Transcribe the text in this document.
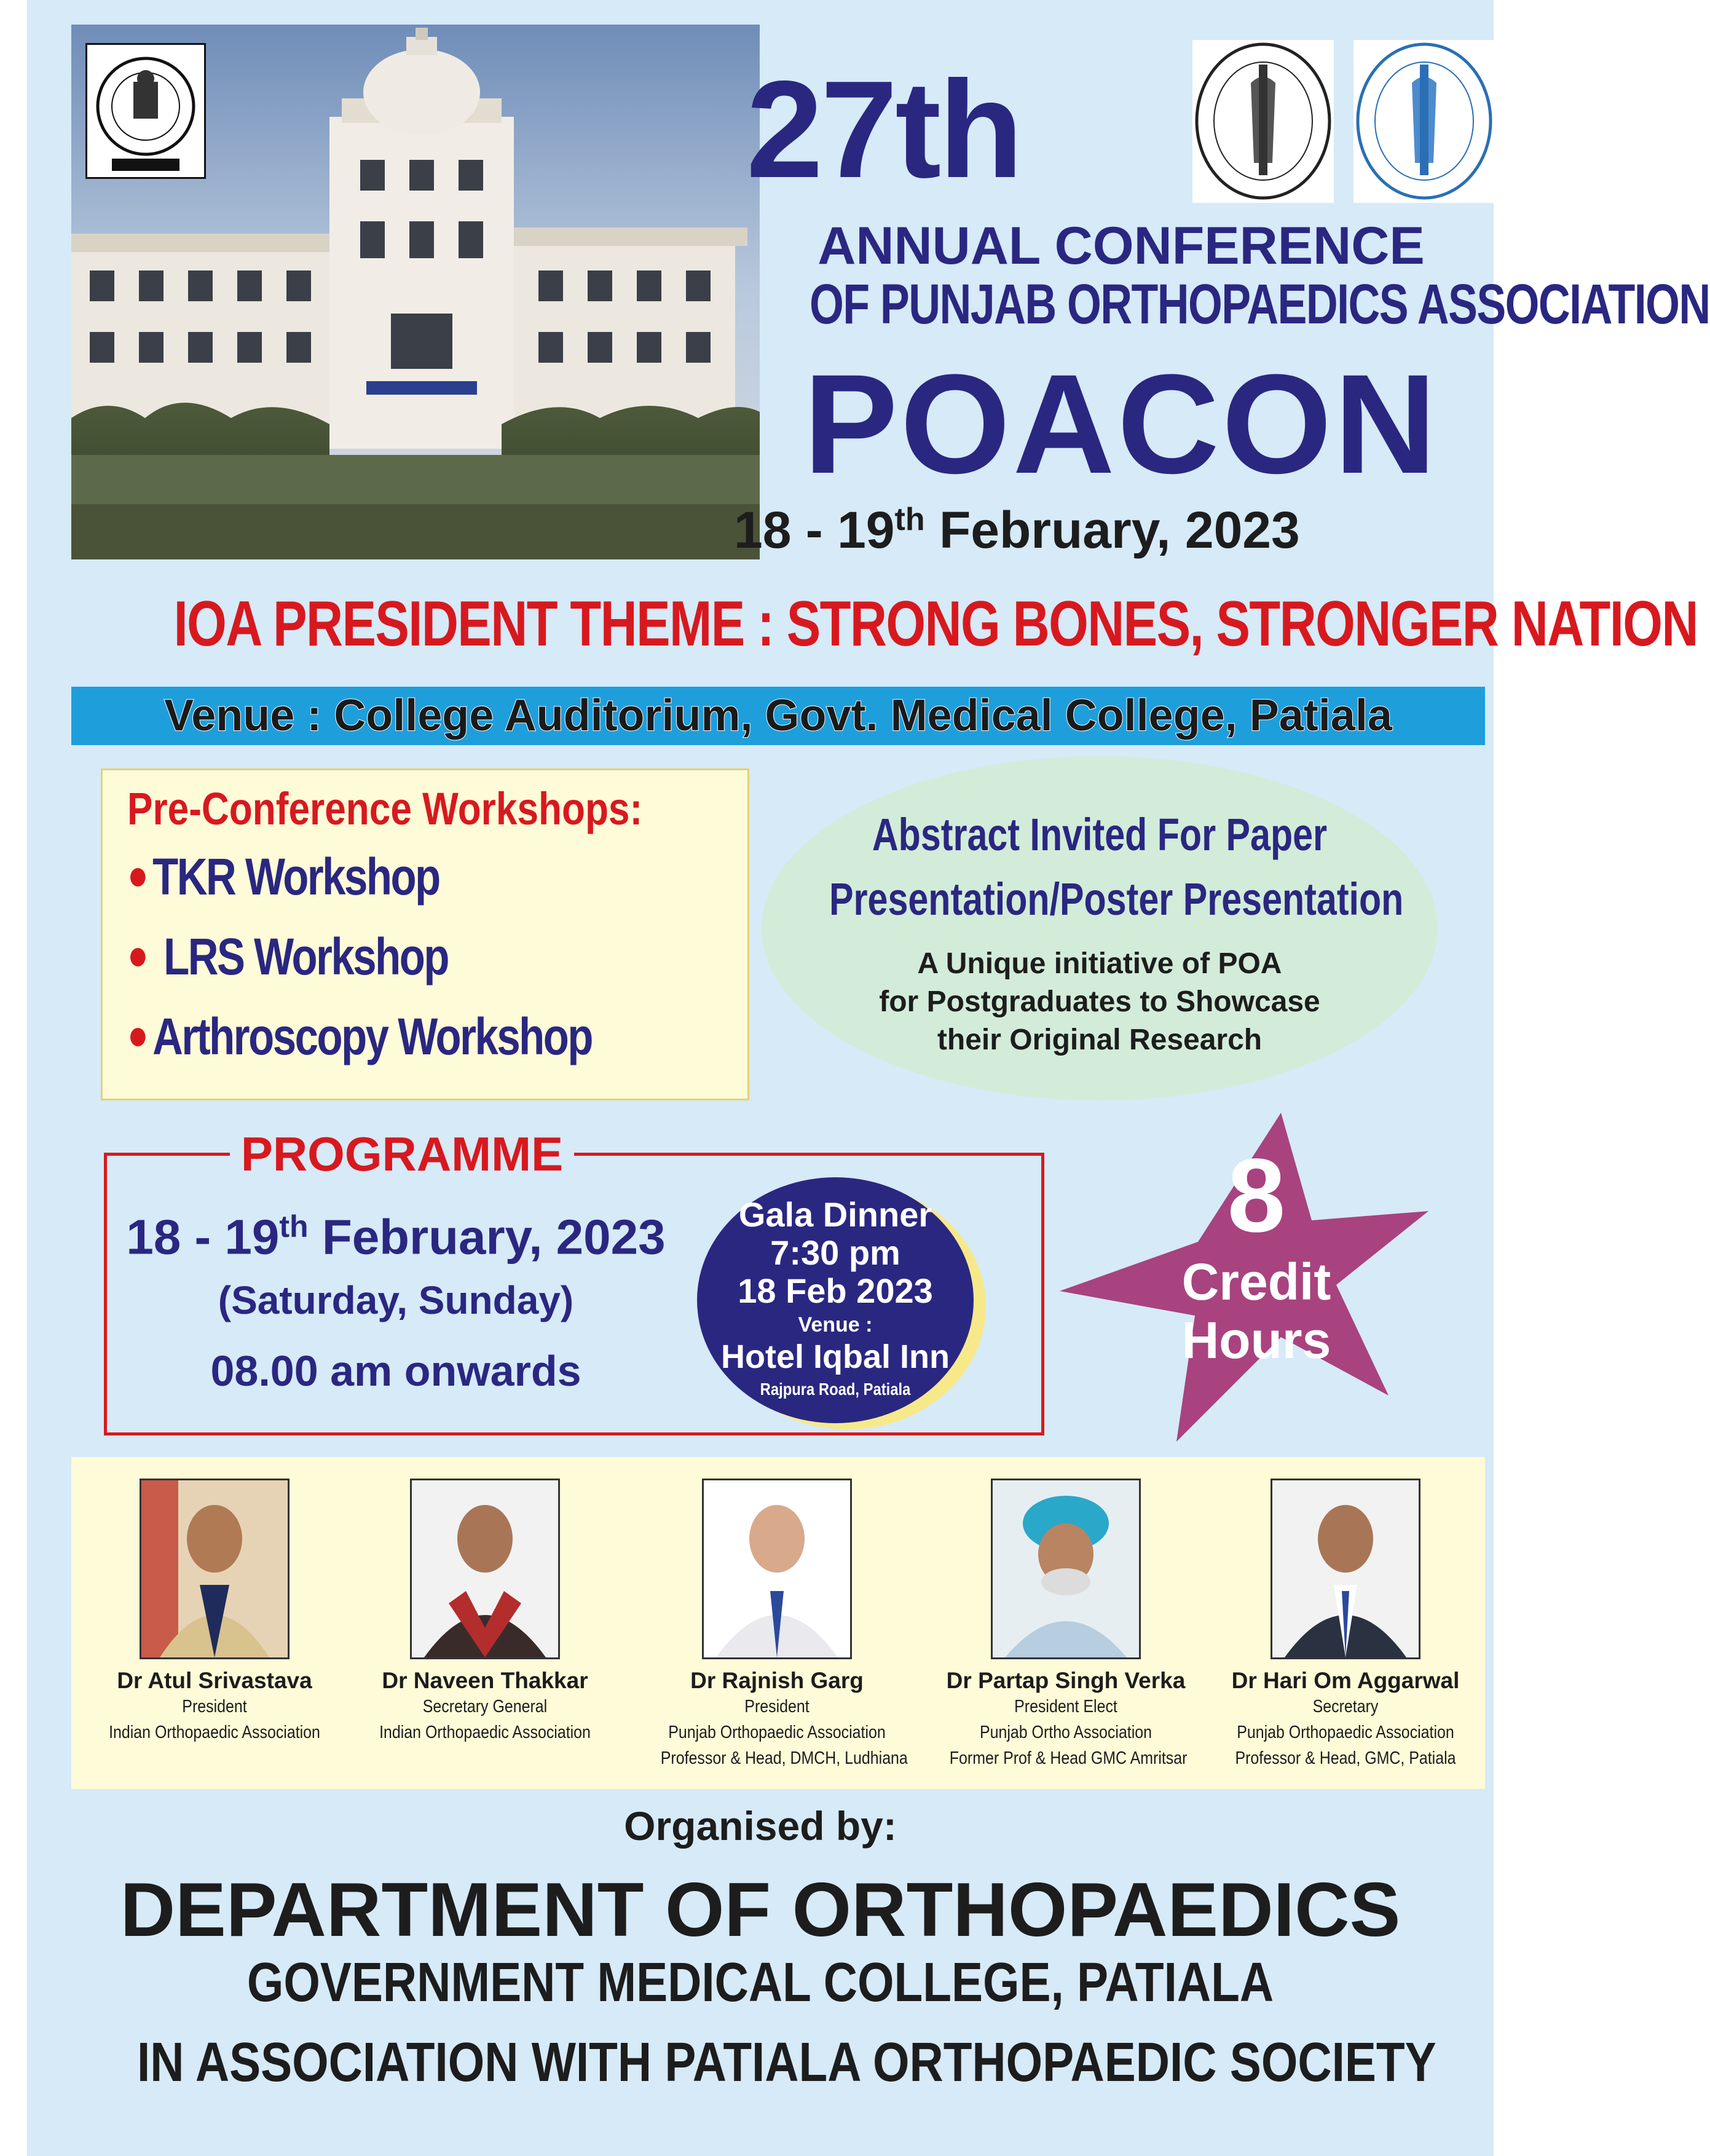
27th
ANNUAL CONFERENCE
OF PUNJAB ORTHOPAEDICS ASSOCIATION
POACON
18 - 19th February, 2023
IOA PRESIDENT THEME : STRONG BONES, STRONGER NATION
Venue : College Auditorium, Govt. Medical College, Patiala
Pre-Conference Workshops:
TKR Workshop
LRS Workshop
Arthroscopy Workshop
Abstract Invited For Paper
Presentation/Poster Presentation
A Unique initiative of POA
for Postgraduates to Showcase
their Original Research
PROGRAMME
18 - 19th February, 2023
(Saturday, Sunday)
08.00 am onwards
Gala Dinner
7:30 pm
18 Feb 2023
Venue :
Hotel Iqbal Inn
Rajpura Road, Patiala
8
Credit
Hours
Dr Atul Srivastava
President
Indian Orthopaedic Association
Dr Naveen Thakkar
Secretary General
Indian Orthopaedic Association
Dr Rajnish Garg
President
Punjab Orthopaedic Association
Professor & Head, DMCH, Ludhiana
Dr Partap Singh Verka
President Elect
Punjab Ortho Association
Former Prof & Head GMC Amritsar
Dr Hari Om Aggarwal
Secretary
Punjab Orthopaedic Association
Professor & Head, GMC, Patiala
Organised by:
DEPARTMENT OF ORTHOPAEDICS
GOVERNMENT MEDICAL COLLEGE, PATIALA
IN ASSOCIATION WITH PATIALA ORTHOPAEDIC SOCIETY
